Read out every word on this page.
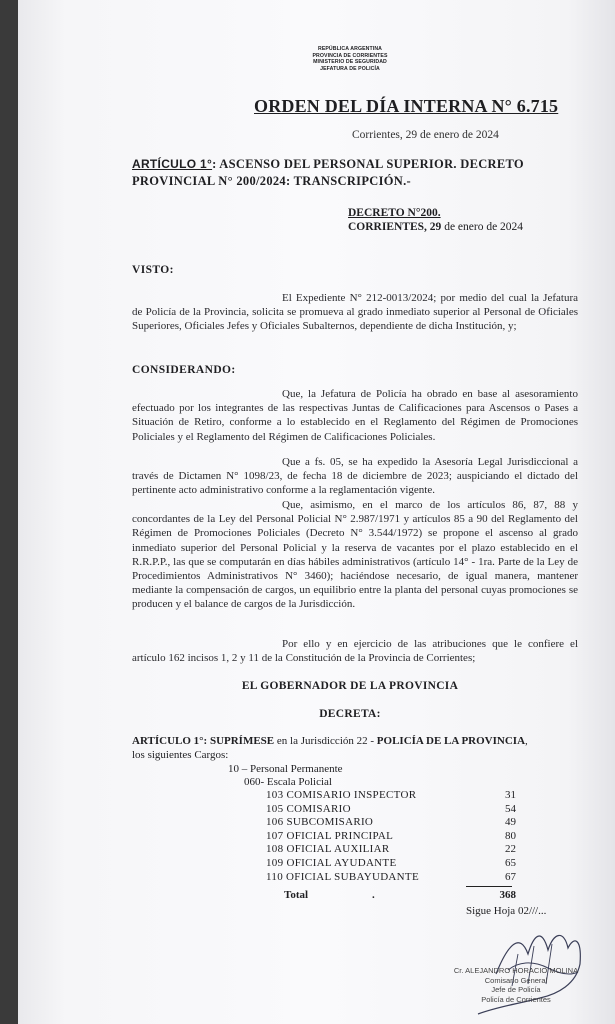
REPÚBLICA ARGENTINA
PROVINCIA DE CORRIENTES
MINISTERIO DE SEGURIDAD
JEFATURA DE POLICÍA
ORDEN DEL DÍA INTERNA N° 6.715
Corrientes, 29 de enero de 2024
ARTÍCULO 1°: ASCENSO DEL PERSONAL SUPERIOR. DECRETO PROVINCIAL N° 200/2024: TRANSCRIPCIÓN.-
DECRETO N°200.
CORRIENTES, 29 de enero de 2024
VISTO:

El Expediente N° 212-0013/2024; por medio del cual la Jefatura de Policía de la Provincia, solicita se promueva al grado inmediato superior al Personal de Oficiales Superiores, Oficiales Jefes y Oficiales Subalternos, dependiente de dicha Institución, y;

CONSIDERANDO:

Que, la Jefatura de Policía ha obrado en base al asesoramiento efectuado por los integrantes de las respectivas Juntas de Calificaciones para Ascensos o Pases a Situación de Retiro, conforme a lo establecido en el Reglamento del Régimen de Promociones Policiales y el Reglamento del Régimen de Calificaciones Policiales.

Que a fs. 05, se ha expedido la Asesoría Legal Jurisdiccional a través de Dictamen N° 1098/23, de fecha 18 de diciembre de 2023; auspiciando el dictado del pertinente acto administrativo conforme a la reglamentación vigente.

Que, asimismo, en el marco de los artículos 86, 87, 88 y concordantes de la Ley del Personal Policial N° 2.987/1971 y artículos 85 a 90 del Reglamento del Régimen de Promociones Policiales (Decreto N° 3.544/1972) se propone el ascenso al grado inmediato superior del Personal Policial y la reserva de vacantes por el plazo establecido en el R.R.P.P., las que se computarán en días hábiles administrativos (artículo 14° - 1ra. Parte de la Ley de Procedimientos Administrativos N° 3460); haciéndose necesario, de igual manera, mantener mediante la compensación de cargos, un equilibrio entre la planta del personal cuyas promociones se producen y el balance de cargos de la Jurisdicción.

Por ello y en ejercicio de las atribuciones que le confiere el artículo 162 incisos 1, 2 y 11 de la Constitución de la Provincia de Corrientes;

EL GOBERNADOR DE LA PROVINCIA
DECRETA:
ARTÍCULO 1°: SUPRÍMESE en la Jurisdicción 22 - POLICÍA DE LA PROVINCIA,
los siguientes Cargos:
10 – Personal Permanente
060- Escala Policial
103 COMISARIO INSPECTOR	31
105 COMISARIO	54
106 SUBCOMISARIO	49
107 OFICIAL PRINCIPAL	80
108 OFICIAL AUXILIAR	22
109 OFICIAL AYUDANTE	65
110 OFICIAL SUBAYUDANTE	67
Total	.	368
Sigue Hoja 02///...
Cr. ALEJANDRO HORACIO MOLINA
Comisario General
Jefe de Policía
Policía de Corrientes
